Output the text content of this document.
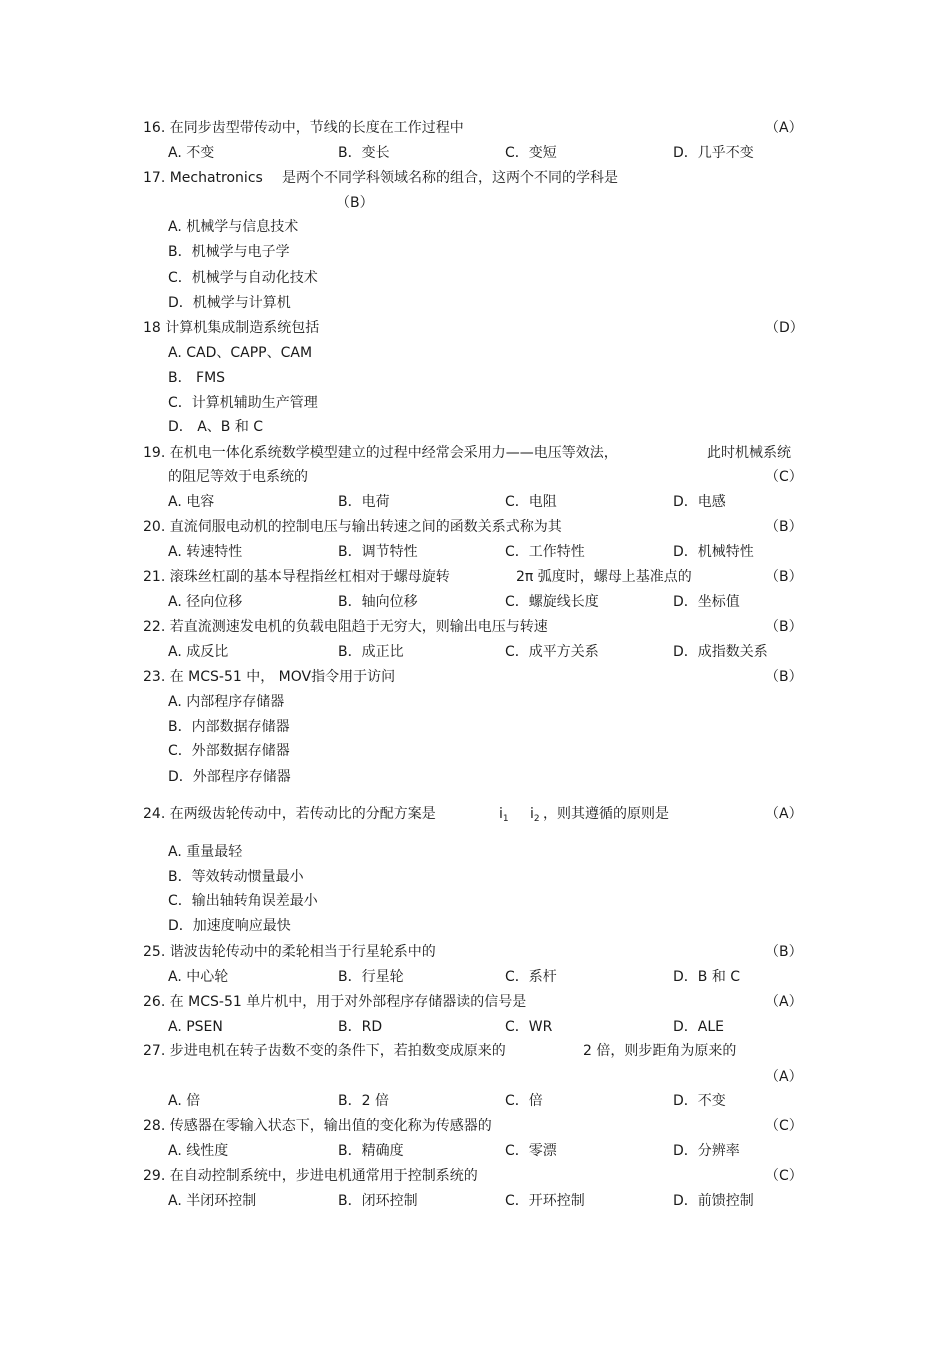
16. 在同步齿型带传动中，节线的长度在工作过程中	（A）
A. 不变	B．变长	C．变短	D．几乎不变
17. Mechatronics 是两个不同学科领域名称的组合，这两个不同的学科是
（B）
A. 机械学与信息技术
B．机械学与电子学
C．机械学与自动化技术
D．机械学与计算机
18 计算机集成制造系统包括	（D）
A. CAD、CAPP、CAM
B． FMS
C．计算机辅助生产管理
D． A、B 和 C
19. 在机电一体化系统数学模型建立的过程中经常会采用力——电压等效法，	此时机械系统
的阻尼等效于电系统的	（C）
A. 电容	B．电荷	C．电阻	D．电感
20. 直流伺服电动机的控制电压与输出转速之间的函数关系式称为其	（B）
A. 转速特性	B．调节特性	C．工作特性	D．机械特性
21. 滚珠丝杠副的基本导程指丝杠相对于螺母旋转	2π 弧度时，螺母上基准点的	（B）
A. 径向位移	B．轴向位移	C．螺旋线长度	D．坐标值
22. 若直流测速发电机的负载电阻趋于无穷大，则输出电压与转速	（B）
A. 成反比	B．成正比	C．成平方关系	D．成指数关系
23. 在 MCS-51 中， MOV指令用于访问	（B）
A. 内部程序存储器
B．内部数据存储器
C．外部数据存储器
D．外部程序存储器
24. 在两级齿轮传动中，若传动比的分配方案是	$i_1$ $i_2$ ，则其遵循的原则是	（A）
A. 重量最轻
B．等效转动惯量最小
C．输出轴转角误差最小
D．加速度响应最快
25. 谐波齿轮传动中的柔轮相当于行星轮系中的	（B）
A. 中心轮	B．行星轮	C．系杆	D．B 和 C
26. 在 MCS-51 单片机中，用于对外部程序存储器读的信号是	（A）
A. PSEN	B．RD	C．WR	D．ALE
27. 步进电机在转子齿数不变的条件下，若拍数变成原来的	2 倍，则步距角为原来的
（A）
A. 倍	B．2 倍	C．倍	D．不变
28. 传感器在零输入状态下，输出值的变化称为传感器的	（C）
A. 线性度	B．精确度	C．零漂	D．分辨率
29. 在自动控制系统中，步进电机通常用于控制系统的	（C）
A. 半闭环控制	B．闭环控制	C．开环控制	D．前馈控制
